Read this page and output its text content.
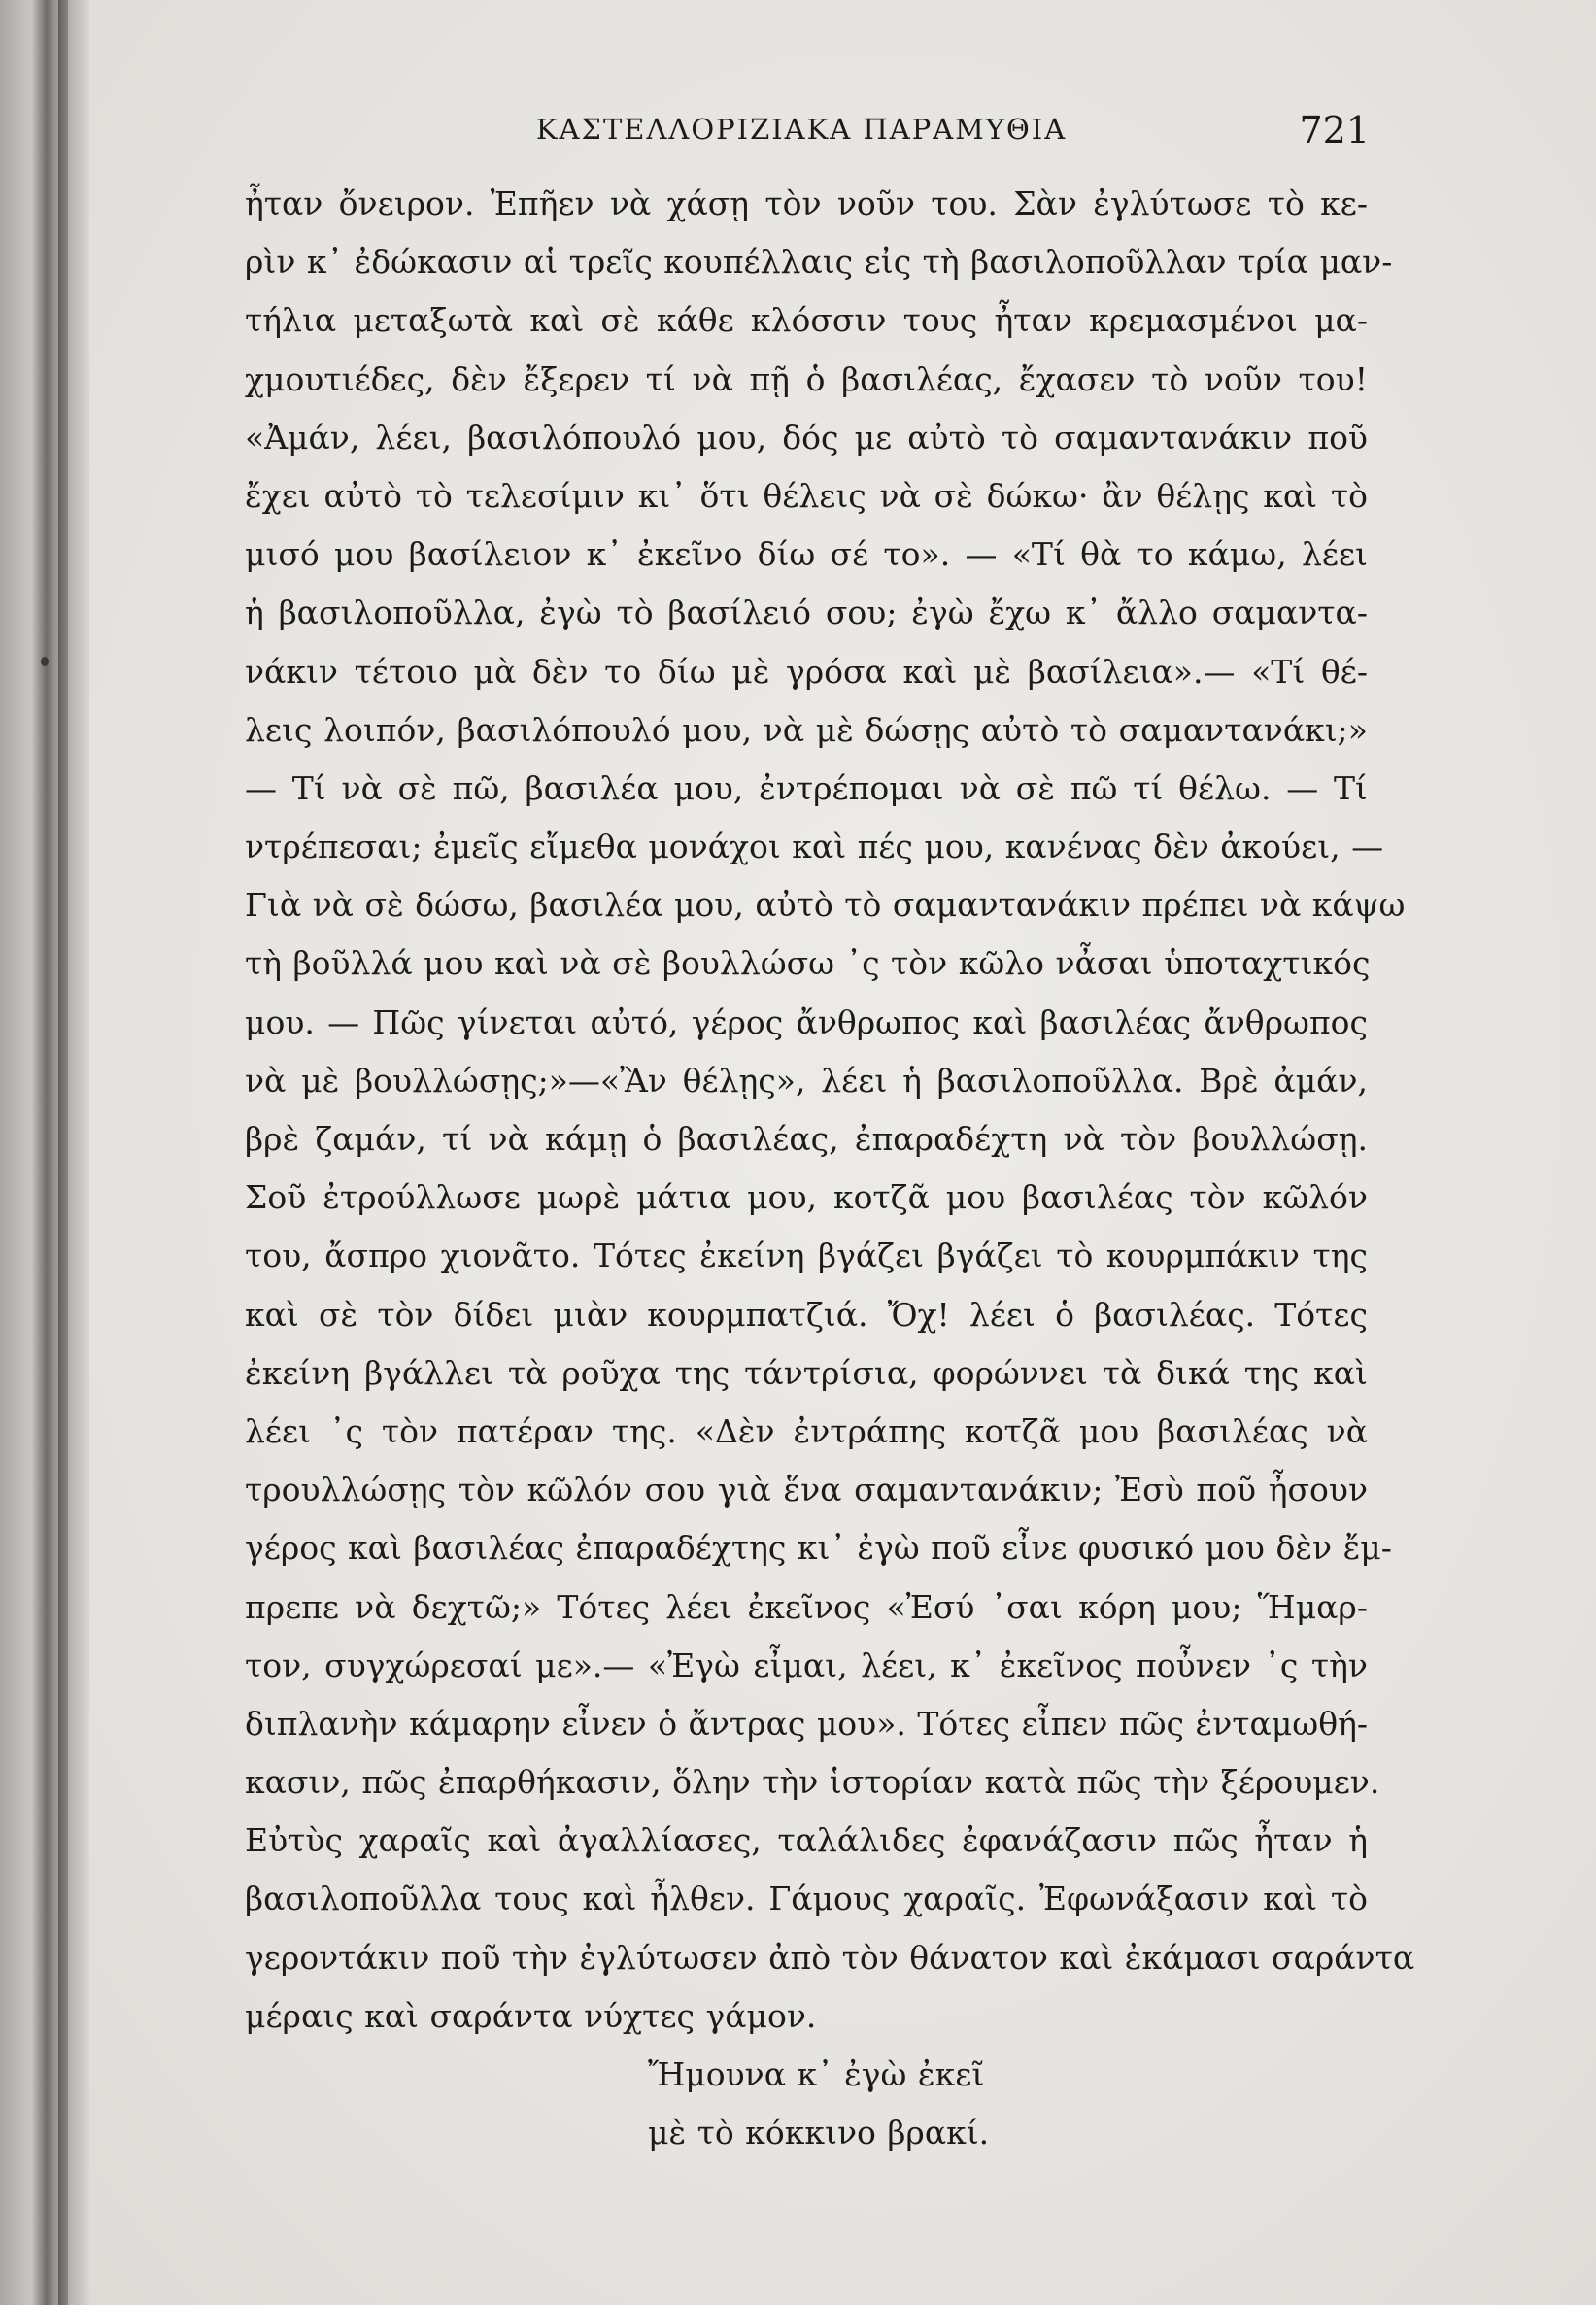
ΚΑΣΤΕΛΛΟΡΙΖΙΑΚΑ ΠΑΡΑΜΥΘΙΑ	721
ἦταν ὄνειρον. Ἐπῆεν νὰ χάσῃ τὸν νοῦν του. Σὰν ἐγλύτωσε τὸ κε-
ρὶν κ᾽ ἐδώκασιν αἱ τρεῖς κουπέλλαις εἰς τὴ βασιλοποῦλλαν τρία μαν-
τήλια μεταξωτὰ καὶ σὲ κάθε κλόσσιν τους ἦταν κρεμασμένοι μα-
χμουτιέδες, δὲν ἔξερεν τί νὰ πῇ ὁ βασιλέας, ἔχασεν τὸ νοῦν του!
«Ἀμάν, λέει, βασιλόπουλό μου, δός με αὐτὸ τὸ σαμαντανάκιν ποῦ
ἔχει αὐτὸ τὸ τελεσίμιν κι᾽ ὅτι θέλεις νὰ σὲ δώκω· ἂν θέλῃς καὶ τὸ
μισό μου βασίλειον κ᾽ ἐκεῖνο δίω σέ το». — «Τί θὰ το κάμω, λέει
ἡ βασιλοποῦλλα, ἐγὼ τὸ βασίλειό σου; ἐγὼ ἔχω κ᾽ ἄλλο σαμαντα-
νάκιν τέτοιο μὰ δὲν το δίω μὲ γρόσα καὶ μὲ βασίλεια».— «Τί θέ-
λεις λοιπόν, βασιλόπουλό μου, νὰ μὲ δώσῃς αὐτὸ τὸ σαμαντανάκι;»
— Τί νὰ σὲ πῶ, βασιλέα μου, ἐντρέπομαι νὰ σὲ πῶ τί θέλω. — Τί
ντρέπεσαι; ἐμεῖς εἴμεθα μονάχοι καὶ πές μου, κανένας δὲν ἀκούει, —
Γιὰ νὰ σὲ δώσω, βασιλέα μου, αὐτὸ τὸ σαμαντανάκιν πρέπει νὰ κάψω
τὴ βοῦλλά μου καὶ νὰ σὲ βουλλώσω ᾽ς τὸν κῶλο νἆσαι ὑποταχτικός
μου. — Πῶς γίνεται αὐτό, γέρος ἄνθρωπος καὶ βασιλέας ἄνθρωπος
νὰ μὲ βουλλώσῃς;»—«Ἂν θέλῃς», λέει ἡ βασιλοποῦλλα. Βρὲ ἀμάν,
βρὲ ζαμάν, τί νὰ κάμῃ ὁ βασιλέας, ἐπαραδέχτη νὰ τὸν βουλλώσῃ.
Σοῦ ἐτρούλλωσε μωρὲ μάτια μου, κοτζᾶ μου βασιλέας τὸν κῶλόν
του, ἄσπρο χιονᾶτο. Τότες ἐκείνη βγάζει βγάζει τὸ κουρμπάκιν της
καὶ σὲ τὸν δίδει μιὰν κουρμπατζιά. Ὄχ! λέει ὁ βασιλέας. Τότες
ἐκείνη βγάλλει τὰ ροῦχα της τάντρίσια, φορώννει τὰ δικά της καὶ
λέει ᾽ς τὸν πατέραν της. «Δὲν ἐντράπης κοτζᾶ μου βασιλέας νὰ
τρουλλώσῃς τὸν κῶλόν σου γιὰ ἕνα σαμαντανάκιν; Ἐσὺ ποῦ ἦσουν
γέρος καὶ βασιλέας ἐπαραδέχτης κι᾽ ἐγὼ ποῦ εἶνε φυσικό μου δὲν ἔμ-
πρεπε νὰ δεχτῶ;» Τότες λέει ἐκεῖνος «Ἐσύ ᾽σαι κόρη μου; Ἥμαρ-
τον, συγχώρεσαί με».— «Ἐγὼ εἶμαι, λέει, κ᾽ ἐκεῖνος ποὖνεν ᾽ς τὴν
διπλανὴν κάμαρην εἶνεν ὁ ἄντρας μου». Τότες εἶπεν πῶς ἐνταμωθή-
κασιν, πῶς ἐπαρθήκασιν, ὅλην τὴν ἱστορίαν κατὰ πῶς τὴν ξέρουμεν.
Εὐτὺς χαραῖς καὶ ἀγαλλίασες, ταλάλιδες ἐφανάζασιν πῶς ἦταν ἡ
βασιλοποῦλλα τους καὶ ἦλθεν. Γάμους χαραῖς. Ἐφωνάξασιν καὶ τὸ
γεροντάκιν ποῦ τὴν ἐγλύτωσεν ἀπὸ τὸν θάνατον καὶ ἐκάμασι σαράντα
μέραις καὶ σαράντα νύχτες γάμον.
Ἤμουνα κ᾽ ἐγὼ ἐκεῖ
μὲ τὸ κόκκινο βρακί.
